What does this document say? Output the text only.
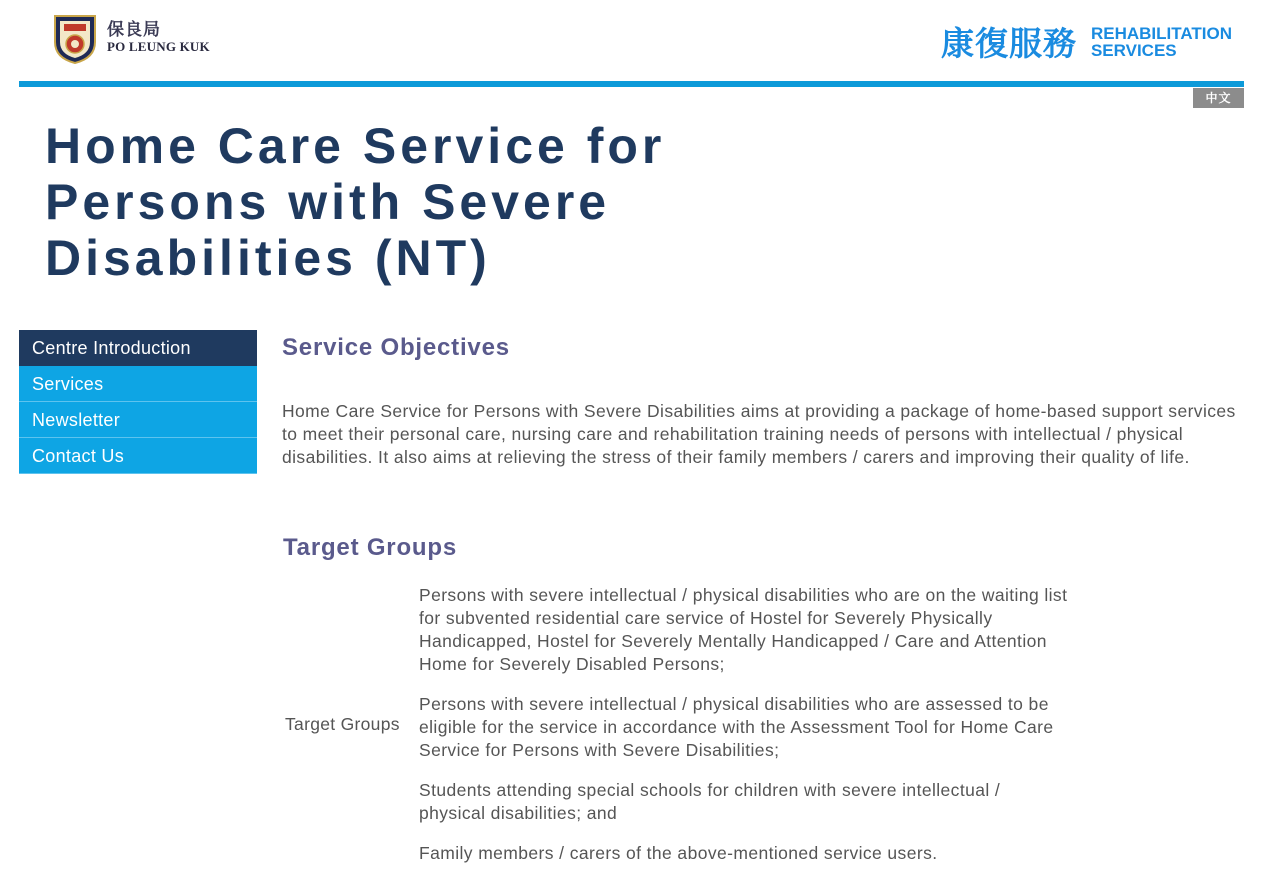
保良局
PO LEUNG KUK	康復服務 REHABILITATION
SERVICES
中文
Home Care Service for Persons with Severe Disabilities (NT)
Centre Introduction
Services
Newsletter
Contact Us
Service Objectives

Home Care Service for Persons with Severe Disabilities aims at providing a package of home-based support services to meet their personal care, nursing care and rehabilitation training needs of persons with intellectual / physical disabilities. It also aims at relieving the stress of their family members / carers and improving their quality of life.

Target Groups
Target Groups

Persons with severe intellectual / physical disabilities who are on the waiting list for subvented residential care service of Hostel for Severely Physically Handicapped, Hostel for Severely Mentally Handicapped / Care and Attention Home for Severely Disabled Persons;

Persons with severe intellectual / physical disabilities who are assessed to be eligible for the service in accordance with the Assessment Tool for Home Care Service for Persons with Severe Disabilities;

Students attending special schools for children with severe intellectual / physical disabilities; and

Family members / carers of the above-mentioned service users.
